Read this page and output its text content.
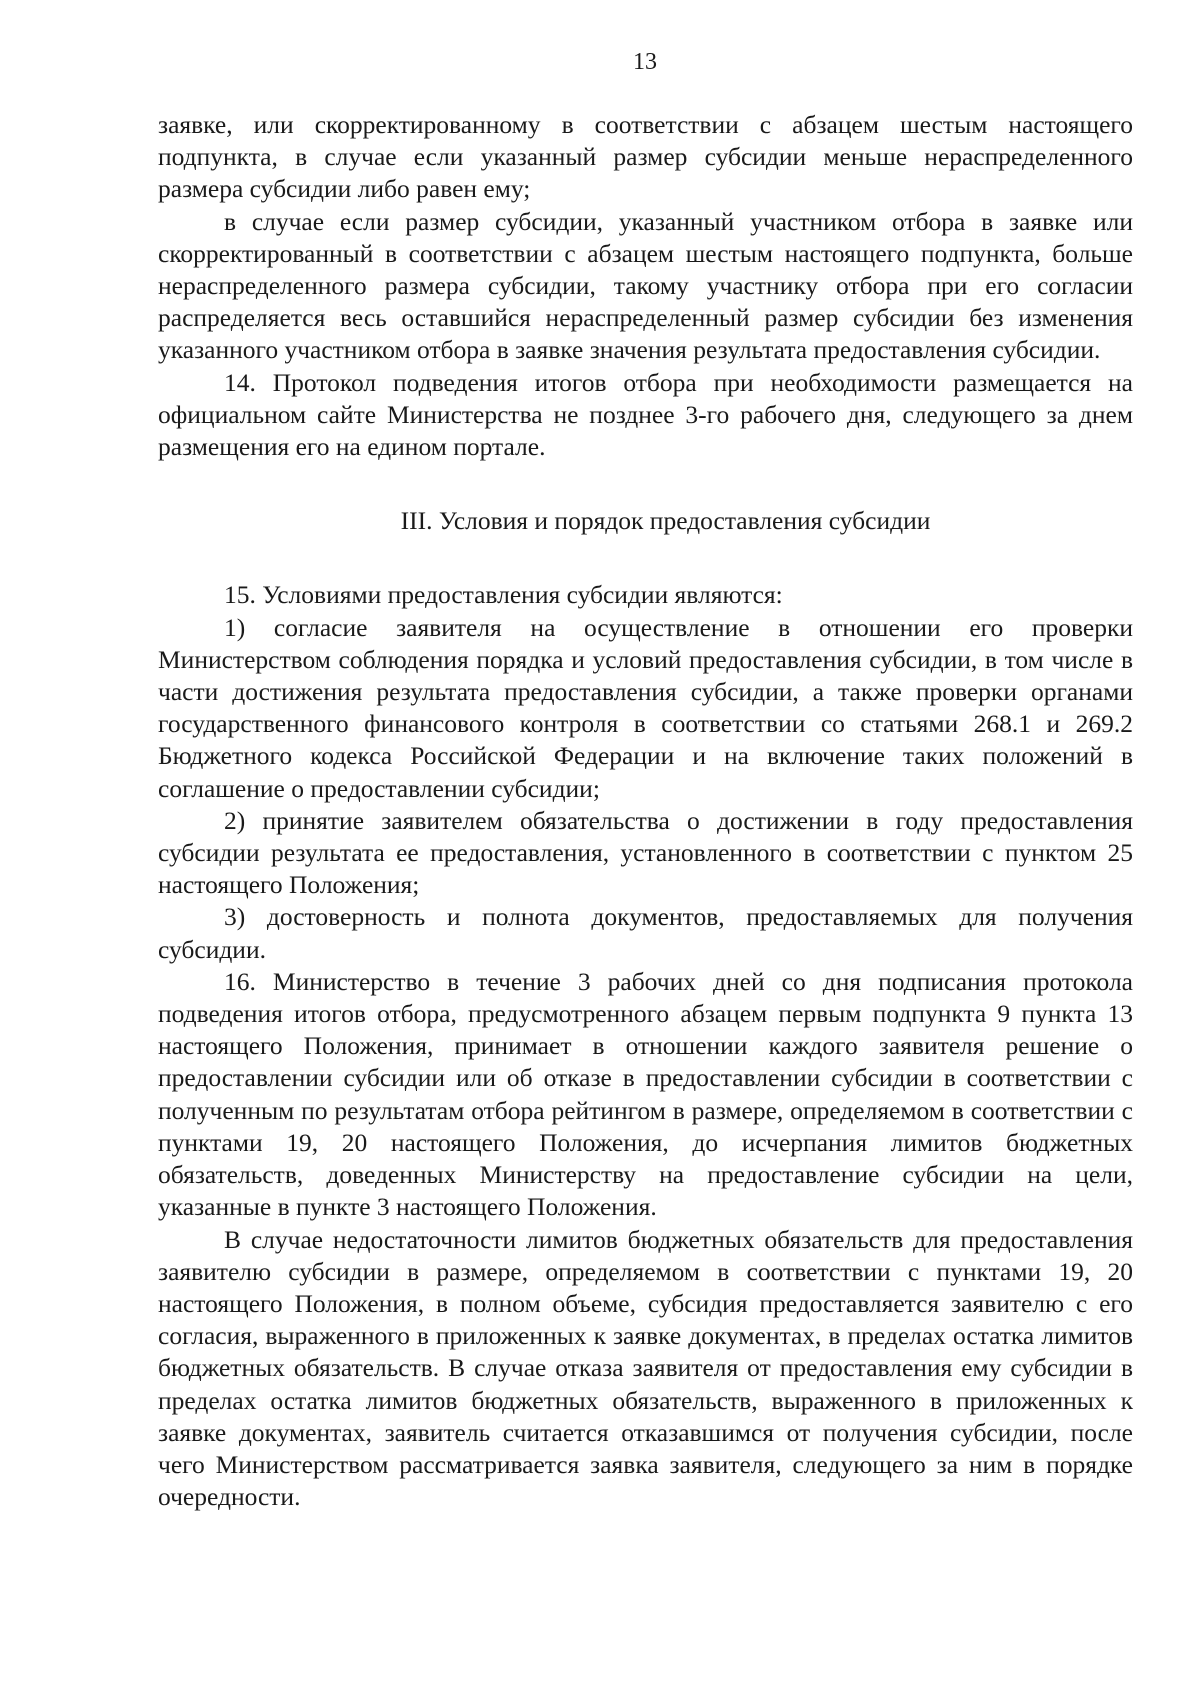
13

заявке, или скорректированному в соответствии с абзацем шестым настоящего подпункта, в случае если указанный размер субсидии меньше нераспределенного размера субсидии либо равен ему;

в случае если размер субсидии, указанный участником отбора в заявке или скорректированный в соответствии с абзацем шестым настоящего подпункта, больше нераспределенного размера субсидии, такому участнику отбора при его согласии распределяется весь оставшийся нераспределенный размер субсидии без изменения указанного участником отбора в заявке значения результата предоставления субсидии.

14. Протокол подведения итогов отбора при необходимости размещается на официальном сайте Министерства не позднее 3-го рабочего дня, следующего за днем размещения его на едином портале.

III. Условия и порядок предоставления субсидии

15. Условиями предоставления субсидии являются:

1) согласие заявителя на осуществление в отношении его проверки Министерством соблюдения порядка и условий предоставления субсидии, в том числе в части достижения результата предоставления субсидии, а также проверки органами государственного финансового контроля в соответствии со статьями 268.1 и 269.2 Бюджетного кодекса Российской Федерации и на включение таких положений в соглашение о предоставлении субсидии;

2) принятие заявителем обязательства о достижении в году предоставления субсидии результата ее предоставления, установленного в соответствии с пунктом 25 настоящего Положения;

3) достоверность и полнота документов, предоставляемых для получения субсидии.

16. Министерство в течение 3 рабочих дней со дня подписания протокола подведения итогов отбора, предусмотренного абзацем первым подпункта 9 пункта 13 настоящего Положения, принимает в отношении каждого заявителя решение о предоставлении субсидии или об отказе в предоставлении субсидии в соответствии с полученным по результатам отбора рейтингом в размере, определяемом в соответствии с пунктами 19, 20 настоящего Положения, до исчерпания лимитов бюджетных обязательств, доведенных Министерству на предоставление субсидии на цели, указанные в пункте 3 настоящего Положения.

В случае недостаточности лимитов бюджетных обязательств для предоставления заявителю субсидии в размере, определяемом в соответствии с пунктами 19, 20 настоящего Положения, в полном объеме, субсидия предоставляется заявителю с его согласия, выраженного в приложенных к заявке документах, в пределах остатка лимитов бюджетных обязательств. В случае отказа заявителя от предоставления ему субсидии в пределах остатка лимитов бюджетных обязательств, выраженного в приложенных к заявке документах, заявитель считается отказавшимся от получения субсидии, после чего Министерством рассматривается заявка заявителя, следующего за ним в порядке очередности.
